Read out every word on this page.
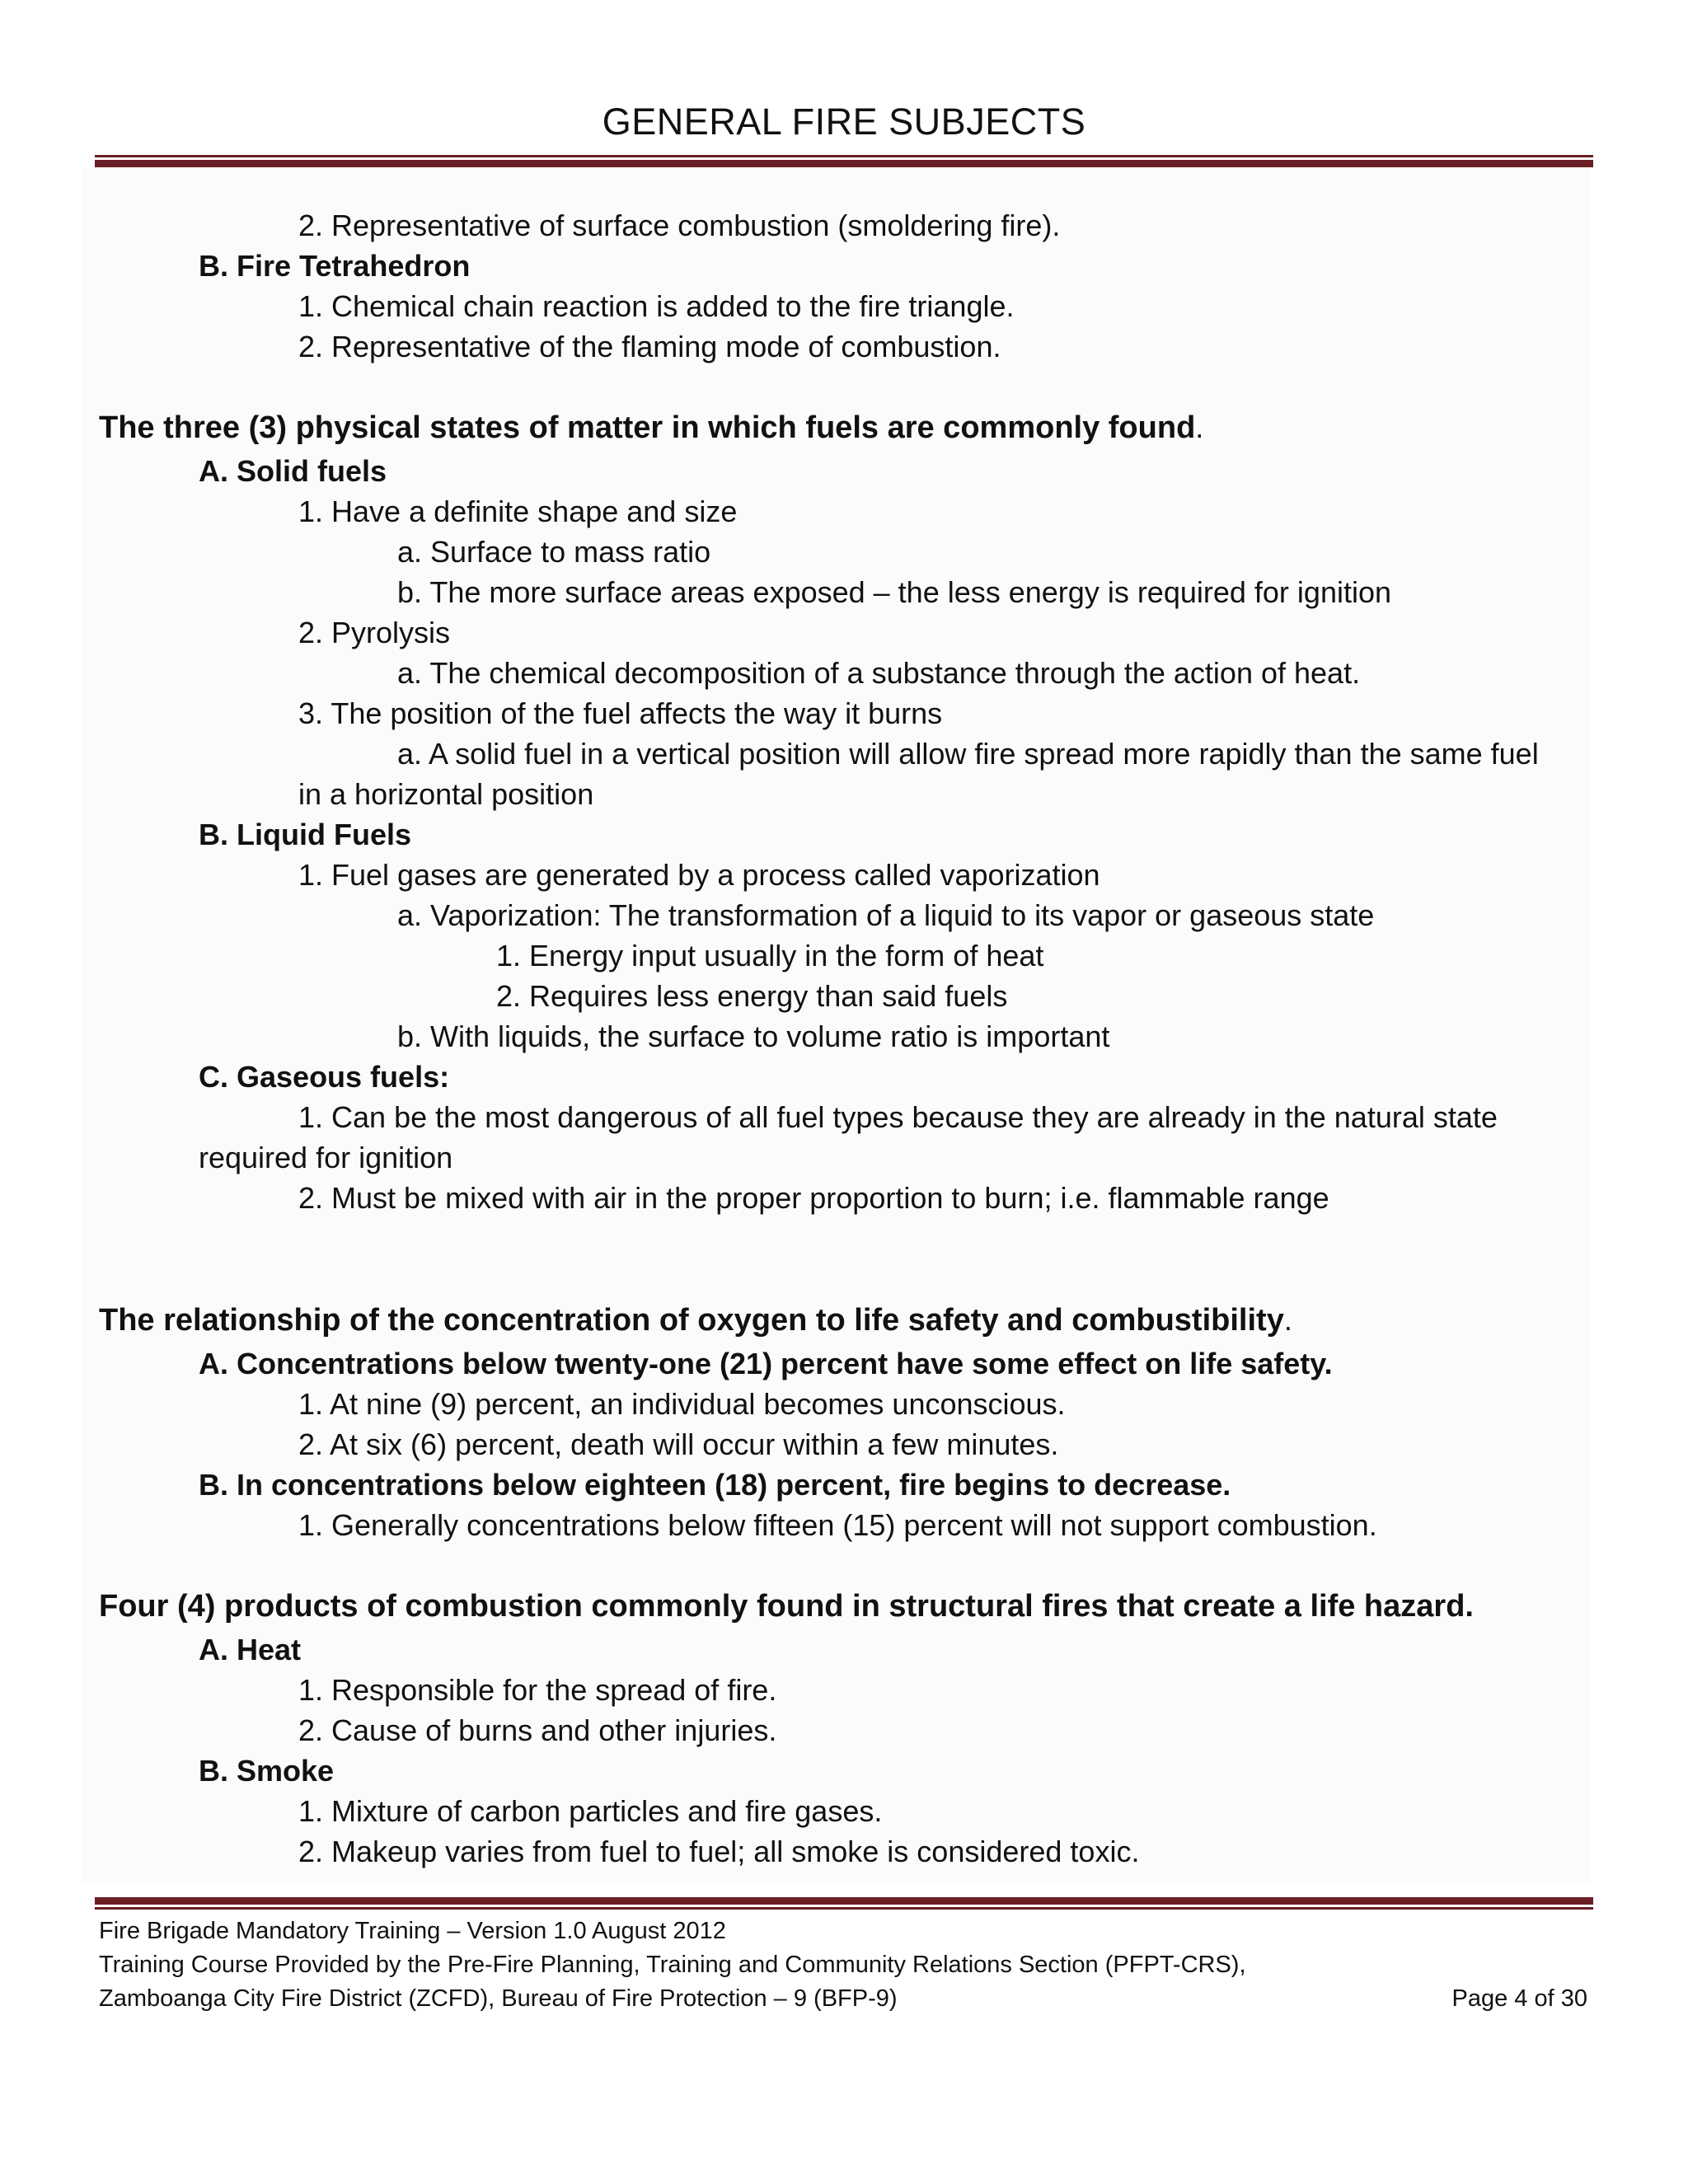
GENERAL FIRE SUBJECTS
2. Representative of surface combustion (smoldering fire).
B. Fire Tetrahedron
1. Chemical chain reaction is added to the fire triangle.
2. Representative of the flaming mode of combustion.
The three (3) physical states of matter in which fuels are commonly found.
A. Solid fuels
1. Have a definite shape and size
a. Surface to mass ratio
b. The more surface areas exposed – the less energy is required for ignition
2. Pyrolysis
a. The chemical decomposition of a substance through the action of heat.
3. The position of the fuel affects the way it burns
a. A solid fuel in a vertical position will allow fire spread more rapidly than the same fuel
in a horizontal position
B. Liquid Fuels
1. Fuel gases are generated by a process called vaporization
a. Vaporization: The transformation of a liquid to its vapor or gaseous state
1. Energy input usually in the form of heat
2. Requires less energy than said fuels
b. With liquids, the surface to volume ratio is important
C. Gaseous fuels:
1. Can be the most dangerous of all fuel types because they are already in the natural state
required for ignition
2. Must be mixed with air in the proper proportion to burn; i.e. flammable range
The relationship of the concentration of oxygen to life safety and combustibility.
A. Concentrations below twenty-one (21) percent have some effect on life safety.
1. At nine (9) percent, an individual becomes unconscious.
2. At six (6) percent, death will occur within a few minutes.
B. In concentrations below eighteen (18) percent, fire begins to decrease.
1. Generally concentrations below fifteen (15) percent will not support combustion.
Four (4) products of combustion commonly found in structural fires that create a life hazard.
A. Heat
1. Responsible for the spread of fire.
2. Cause of burns and other injuries.
B. Smoke
1. Mixture of carbon particles and fire gases.
2. Makeup varies from fuel to fuel; all smoke is considered toxic.
Fire Brigade Mandatory Training – Version 1.0 August 2012
Training Course Provided by the Pre-Fire Planning, Training and Community Relations Section (PFPT-CRS),
Zamboanga City Fire District (ZCFD), Bureau of Fire Protection – 9 (BFP-9)	Page 4 of 30
